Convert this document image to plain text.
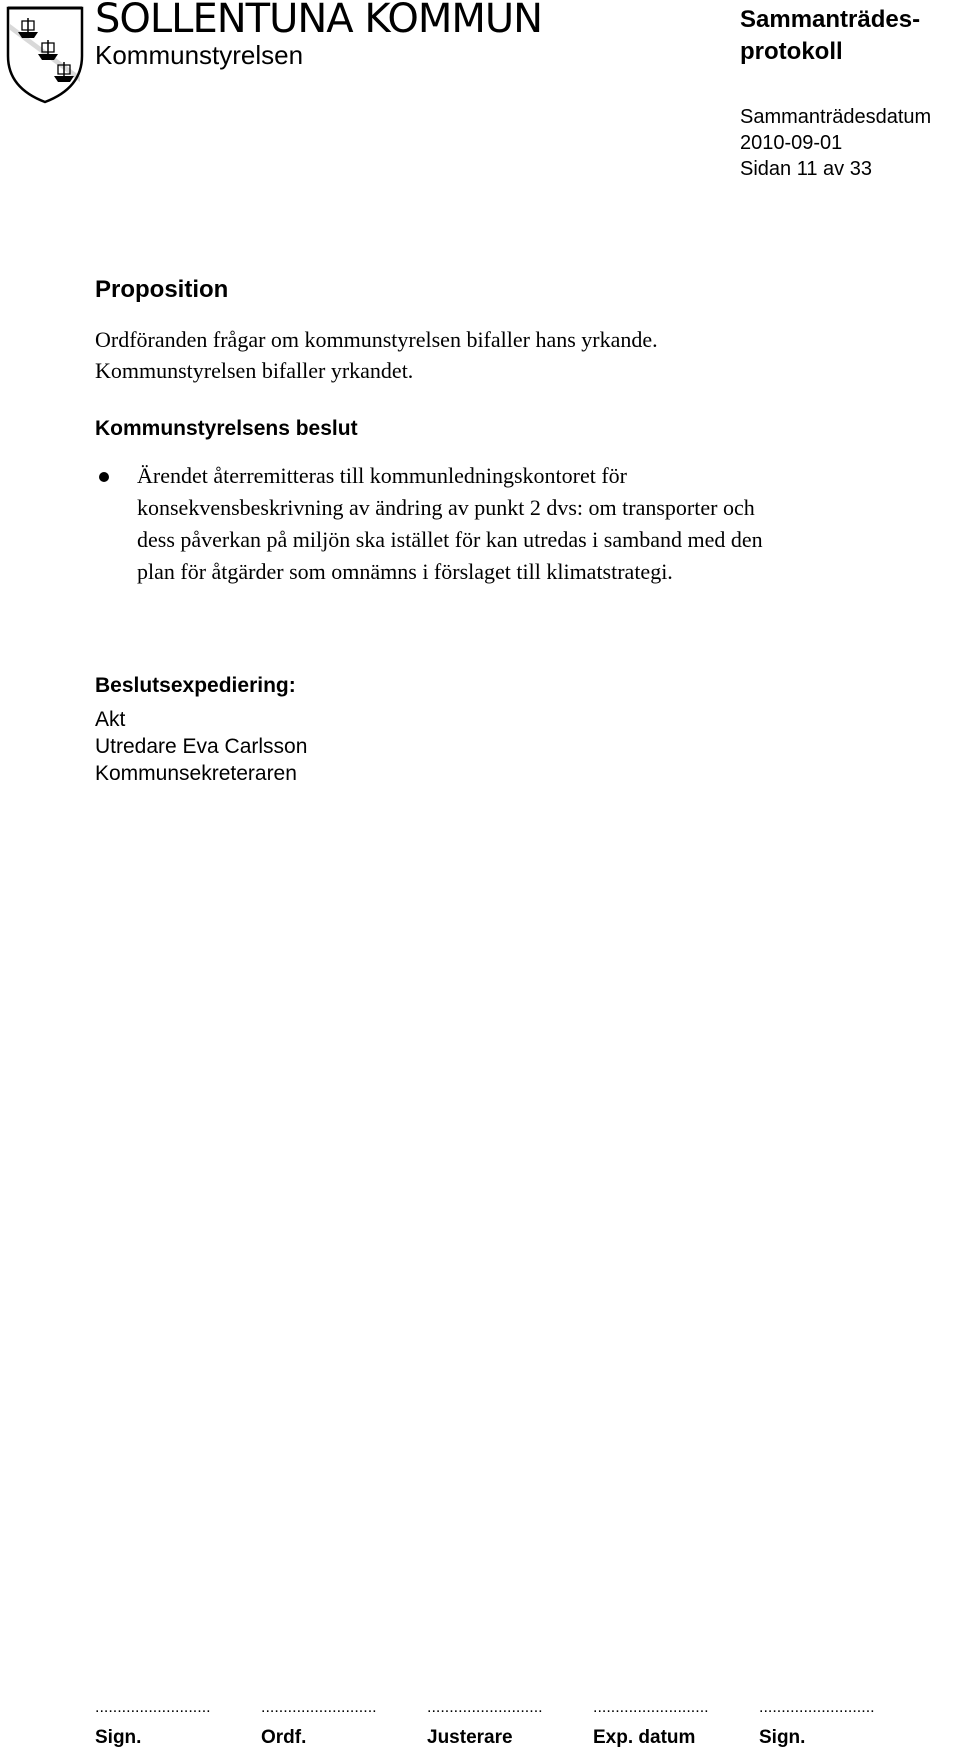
SOLLENTUNA KOMMUN
Kommunstyrelsen
Sammanträdes-
protokoll
Sammanträdesdatum
2010-09-01
Sidan 11 av 33
Proposition
Ordföranden frågar om kommunstyrelsen bifaller hans yrkande.
Kommunstyrelsen bifaller yrkandet.
Kommunstyrelsens beslut
Ärendet återremitteras till kommunledningskontoret för
konsekvensbeskrivning av ändring av punkt 2 dvs: om transporter och
dess påverkan på miljön ska istället för kan utredas i samband med den
plan för åtgärder som omnämns i förslaget till klimatstrategi.
Beslutsexpediering:
Akt
Utredare Eva Carlsson
Kommunsekreteraren
..........................
Sign.
..........................
Ordf.
..........................
Justerare
..........................
Exp. datum
..........................
Sign.
